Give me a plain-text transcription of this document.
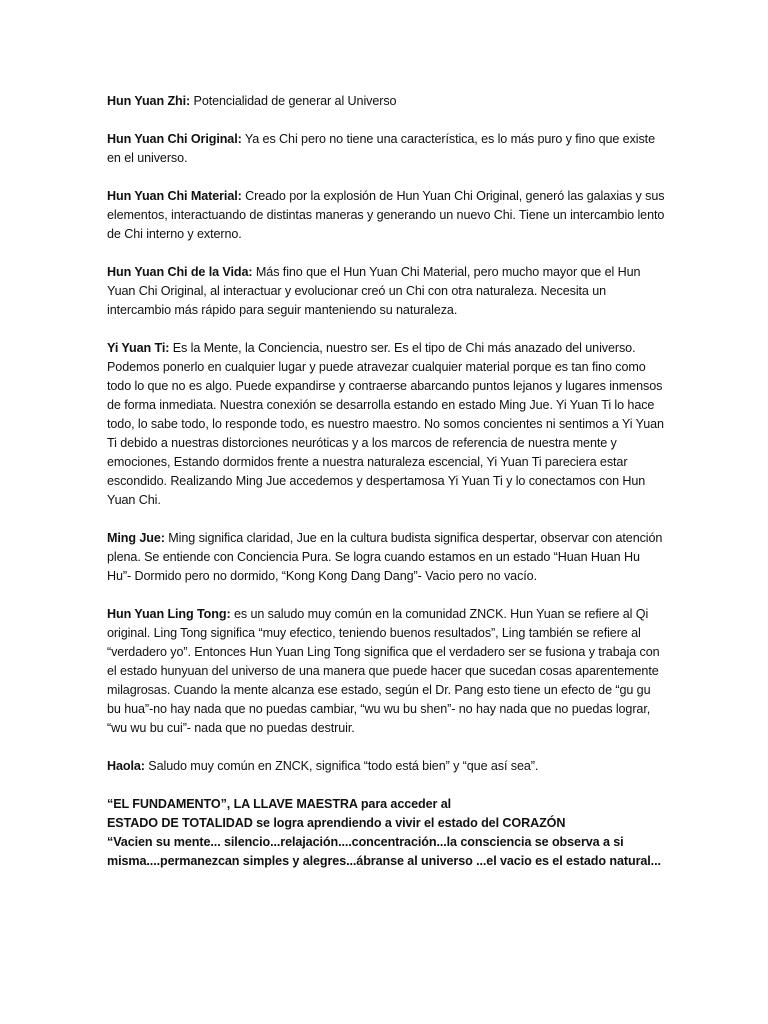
Hun Yuan Zhi: Potencialidad de generar al Universo

Hun Yuan Chi Original: Ya es Chi pero no tiene una característica, es lo más puro y fino que existe en el universo.

Hun Yuan Chi Material: Creado por la explosión de Hun Yuan Chi Original, generó las galaxias y sus elementos, interactuando de distintas maneras y generando un nuevo Chi. Tiene un intercambio lento de Chi interno y externo.

Hun Yuan Chi de la Vida: Más fino que el Hun Yuan Chi Material, pero mucho mayor que el Hun Yuan Chi Original, al interactuar y evolucionar creó un Chi con otra naturaleza. Necesita un intercambio más rápido para seguir manteniendo su naturaleza.

Yi Yuan Ti: Es la Mente, la Conciencia, nuestro ser. Es el tipo de Chi más anazado del universo. Podemos ponerlo en cualquier lugar y puede atravezar cualquier material porque es tan fino como todo lo que no es algo. Puede expandirse y contraerse abarcando puntos lejanos y lugares inmensos de forma inmediata. Nuestra conexión se desarrolla estando en estado Ming Jue. Yi Yuan Ti lo hace todo, lo sabe todo, lo responde todo, es nuestro maestro. No somos concientes ni sentimos a Yi Yuan Ti debido a nuestras distorciones neuróticas y a los marcos de referencia de nuestra mente y emociones, Estando dormidos frente a nuestra naturaleza escencial, Yi Yuan Ti pareciera estar escondido. Realizando Ming Jue accedemos y despertamosa Yi Yuan Ti y lo conectamos con Hun Yuan Chi.

Ming Jue: Ming significa claridad, Jue en la cultura budista significa despertar, observar con atención plena. Se entiende con Conciencia Pura. Se logra cuando estamos en un estado “Huan Huan Hu Hu”- Dormido pero no dormido, “Kong Kong Dang Dang”- Vacio pero no vacío.

Hun Yuan Ling Tong: es un saludo muy común en la comunidad ZNCK. Hun Yuan se refiere al Qi original. Ling Tong significa “muy efectico, teniendo buenos resultados”, Ling también se refiere al “verdadero yo”. Entonces Hun Yuan Ling Tong significa que el verdadero ser se fusiona y trabaja con el estado hunyuan del universo de una manera que puede hacer que sucedan cosas aparentemente milagrosas. Cuando la mente alcanza ese estado, según el Dr. Pang esto tiene un efecto de “gu gu bu hua”-no hay nada que no puedas cambiar, “wu wu bu shen”- no hay nada que no puedas lograr, “wu wu bu cui”- nada que no puedas destruir.

Haola: Saludo muy común en ZNCK, significa “todo está bien” y “que así sea”.

“EL FUNDAMENTO”, LA LLAVE MAESTRA para acceder al
ESTADO DE TOTALIDAD se logra aprendiendo a vivir el estado del CORAZÓN
“Vacien su mente... silencio...relajación....concentración...la consciencia se observa a si misma....permanezcan simples y alegres...ábranse al universo ...el vacio es el estado natural...
